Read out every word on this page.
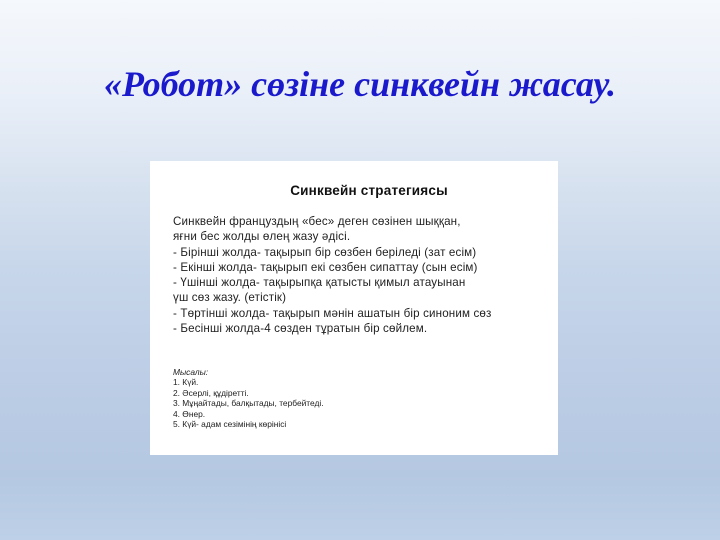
«Робот» сөзіне синквейн жасау.
Синквейн стратегиясы
Синквейн француздың «бес» деген сөзінен шыққан,
яғни бес жолды өлең жазу әдісі.
- Бірінші жолда- тақырып бір сөзбен беріледі (зат есім)
- Екінші жолда- тақырып екі сөзбен сипаттау (сын есім)
- Үшінші жолда- тақырыпқа қатысты қимыл атауынан
үш сөз жазу. (етістік)
- Төртінші жолда- тақырып мәнін ашатын бір синоним сөз
- Бесінші жолда-4 сөзден тұратын бір сөйлем.
Мысалы:
1. Күй.
2. Әсерлі, құдіретті.
3. Мұңайтады, балқытады, тербейтеді.
4. Өнер.
5. Күй- адам сезімінің көрінісі
